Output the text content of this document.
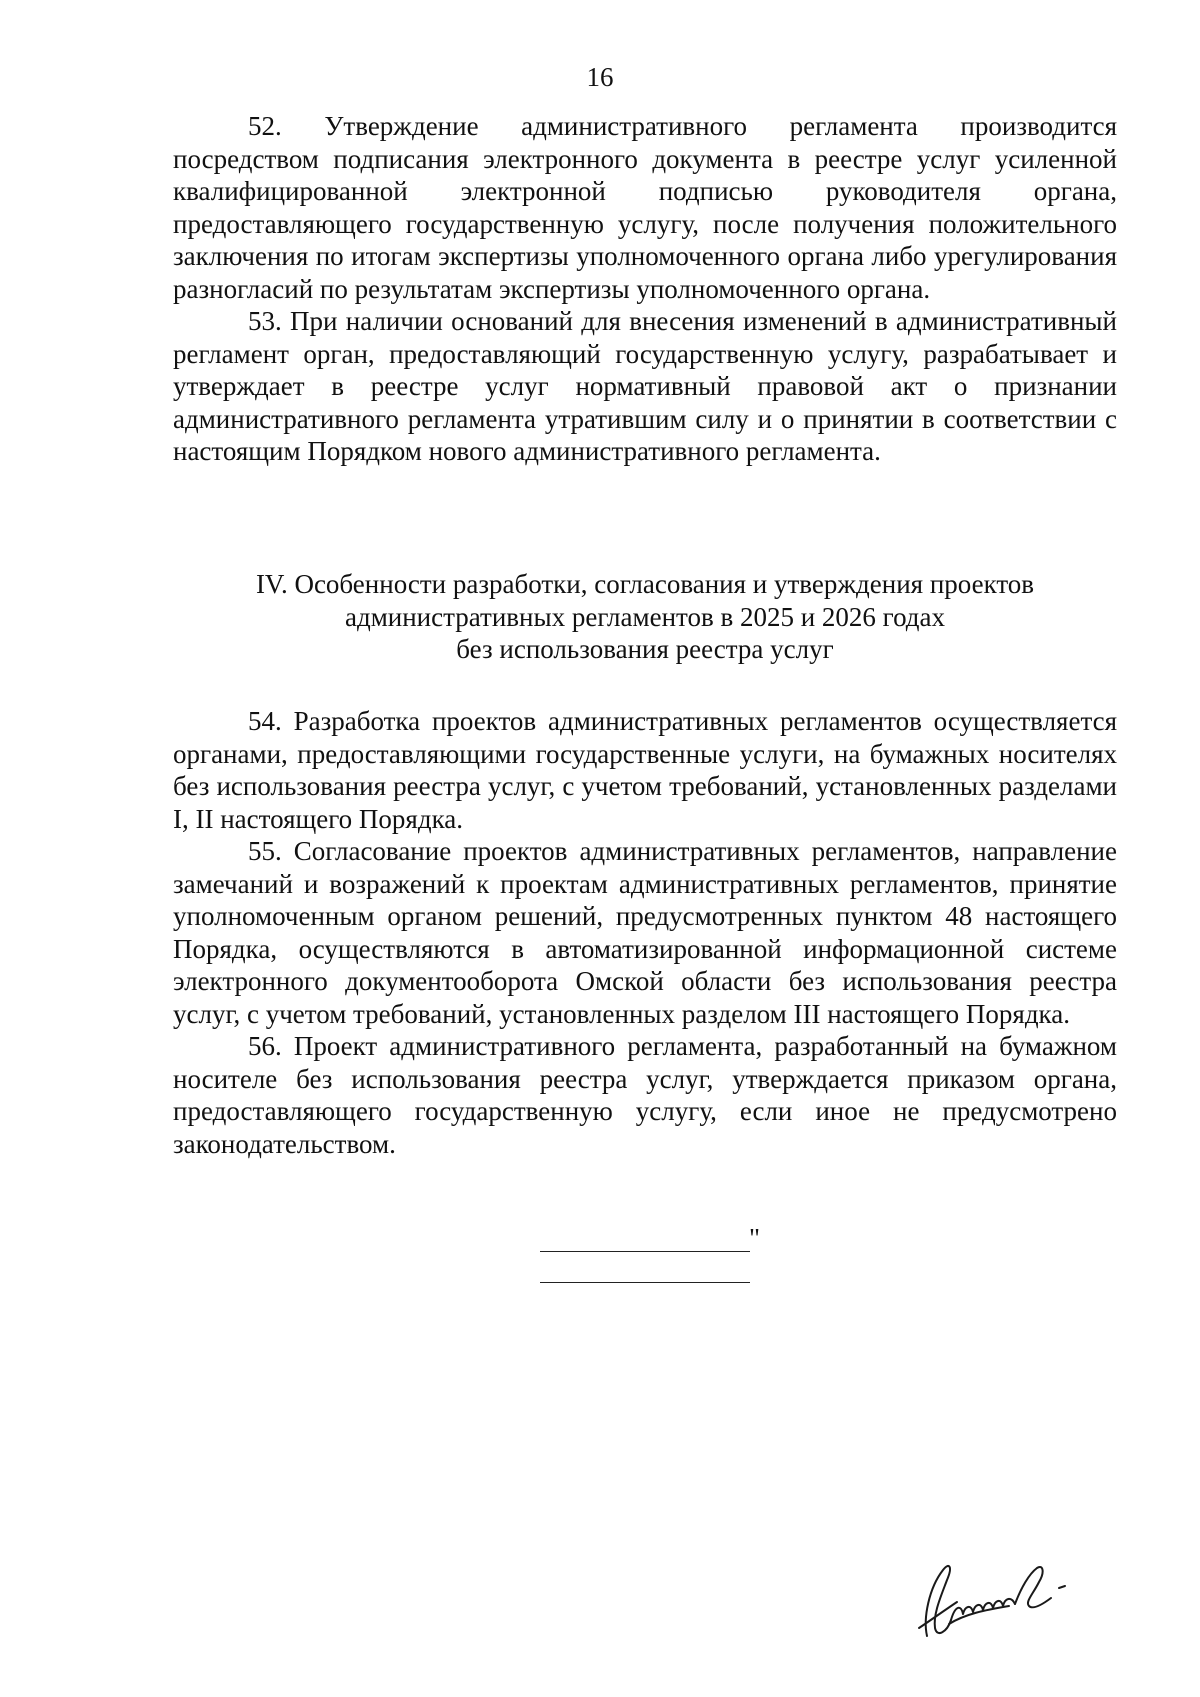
16

52. Утверждение административного регламента производится посредством подписания электронного документа в реестре услуг усиленной квалифицированной электронной подписью руководителя органа, предоставляющего государственную услугу, после получения положительного заключения по итогам экспертизы уполномоченного органа либо урегулирования разногласий по результатам экспертизы уполномоченного органа.

53. При наличии оснований для внесения изменений в административный регламент орган, предоставляющий государственную услугу, разрабатывает и утверждает в реестре услуг нормативный правовой акт о признании административного регламента утратившим силу и о принятии в соответствии с настоящим Порядком нового административного регламента.

IV. Особенности разработки, согласования и утверждения проектов
административных регламентов в 2025 и 2026 годах
без использования реестра услуг

54. Разработка проектов административных регламентов осуществляется органами, предоставляющими государственные услуги, на бумажных носителях без использования реестра услуг, с учетом требований, установленных разделами I, II настоящего Порядка.

55. Согласование проектов административных регламентов, направление замечаний и возражений к проектам административных регламентов, принятие уполномоченным органом решений, предусмотренных пунктом 48 настоящего Порядка, осуществляются в автоматизированной информационной системе электронного документооборота Омской области без использования реестра услуг, с учетом требований, установленных разделом III настоящего Порядка.

56. Проект административного регламента, разработанный на бумажном носителе без использования реестра услуг, утверждается приказом органа, предоставляющего государственную услугу, если иное не предусмотрено законодательством.

"
